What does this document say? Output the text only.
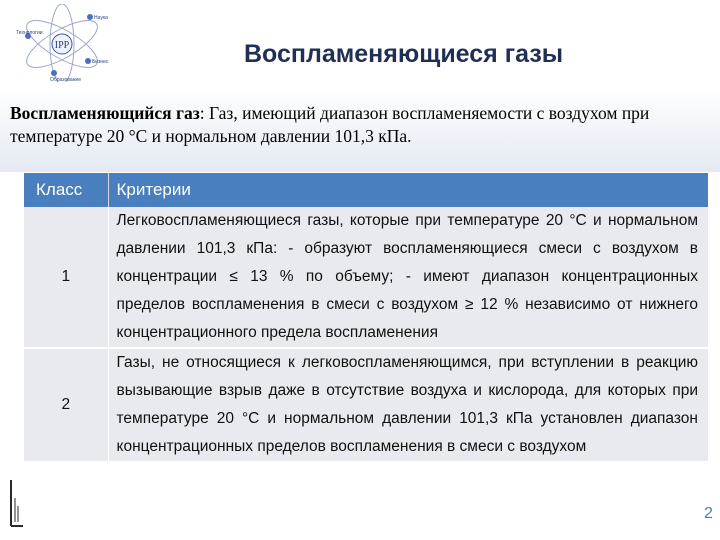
IPP
Наука
Бизнес
Технологии
Образование
Воспламеняющиеся газы
Воспламеняющийся газ: Газ, имеющий диапазон воспламеняемости с воздухом при температуре 20 °C и нормальном давлении 101,3 кПа.
Класс	Критерии
1	Легковоспламеняющиеся газы, которые при температуре 20 °C и нормальном давлении 101,3 кПа: - образуют воспламеняющиеся смеси с воздухом в концентрации ≤ 13 % по объему; - имеют диапазон концентрационных пределов воспламенения в смеси с воздухом ≥ 12 % независимо от нижнего концентрационного предела воспламенения
2	Газы, не относящиеся к легковоспламеняющимся, при вступлении в реакцию вызывающие взрыв даже в отсутствие воздуха и кислорода, для которых при температуре 20 °C и нормальном давлении 101,3 кПа установлен диапазон концентрационных пределов воспламенения в смеси с воздухом
2
